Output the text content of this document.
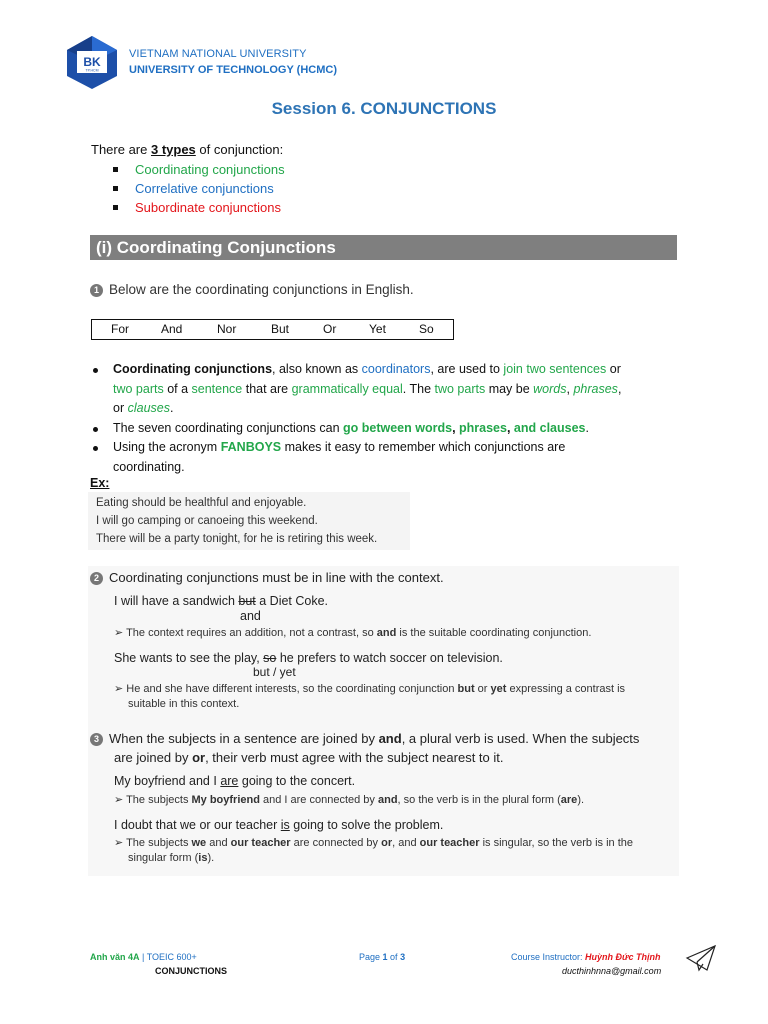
BK
TP.HCM
VIETNAM NATIONAL UNIVERSITY
UNIVERSITY OF TECHNOLOGY (HCMC)
Session 6. CONJUNCTIONS
There are 3 types of conjunction:
Coordinating conjunctions
Correlative conjunctions
Subordinate conjunctions
(i) Coordinating Conjunctions
1 Below are the coordinating conjunctions in English.
For	And	Nor	But	Or	Yet	So
Coordinating conjunctions, also known as coordinators, are used to join two sentences or
two parts of a sentence that are grammatically equal. The two parts may be words, phrases,
or clauses.
The seven coordinating conjunctions can go between words, phrases, and clauses.
Using the acronym FANBOYS makes it easy to remember which conjunctions are
coordinating.
Ex:
Eating should be healthful and enjoyable.
I will go camping or canoeing this weekend.
There will be a party tonight, for he is retiring this week.
2 Coordinating conjunctions must be in line with the context.
I will have a sandwich but a Diet Coke.
and
➢ The context requires an addition, not a contrast, so and is the suitable coordinating conjunction.
She wants to see the play, so he prefers to watch soccer on television.
but / yet
➢ He and she have different interests, so the coordinating conjunction but or yet expressing a contrast is
suitable in this context.
3 When the subjects in a sentence are joined by and, a plural verb is used. When the subjects
are joined by or, their verb must agree with the subject nearest to it.
My boyfriend and I are going to the concert.
➢ The subjects My boyfriend and I are connected by and, so the verb is in the plural form (are).
I doubt that we or our teacher is going to solve the problem.
➢ The subjects we and our teacher are connected by or, and our teacher is singular, so the verb is in the
singular form (is).
Anh văn 4A | TOEIC 600+
CONJUNCTIONS
Page 1 of 3	Course Instructor: Huỳnh Đức Thịnh
ducthinhnna@gmail.com
